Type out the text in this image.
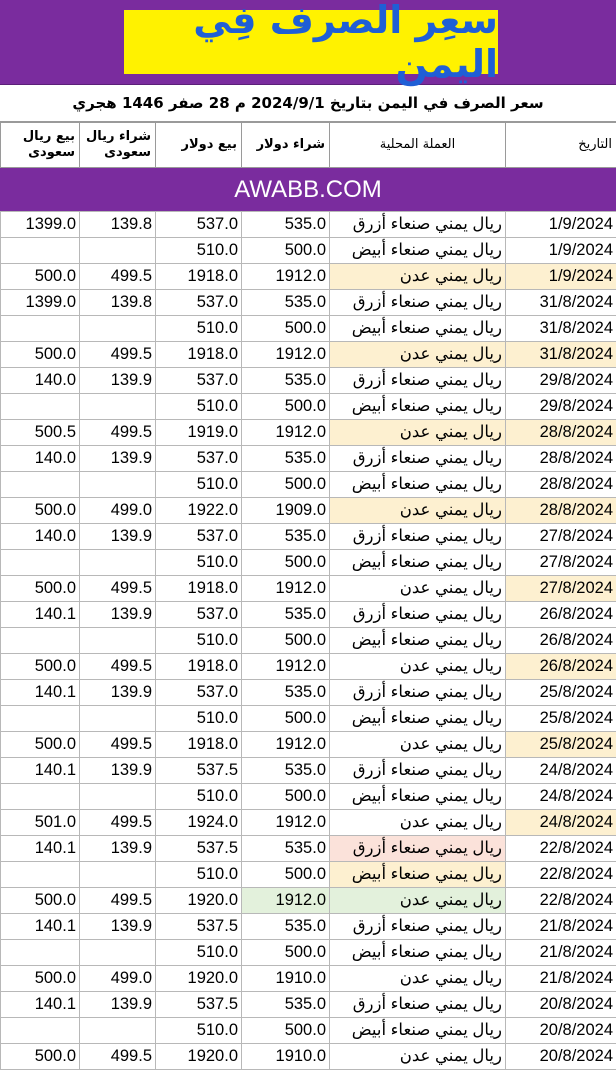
سعِر الصرف فِي اليمن
سعر الصرف في اليمن بتاريخ 2024/9/1 م 28 صفر 1446 هجري
التاريخ	العملة المحلية	شراء دولار	بيع دولار	شراء ريال سعودى	بيع ريال سعودى
AWABB.COM
1/9/2024	ريال يمني صنعاء أزرق	535.0	537.0	139.8	1399.0
1/9/2024	ريال يمني صنعاء أبيض	500.0	510.0		
1/9/2024	ريال يمني عدن	1912.0	1918.0	499.5	500.0
31/8/2024	ريال يمني صنعاء أزرق	535.0	537.0	139.8	1399.0
31/8/2024	ريال يمني صنعاء أبيض	500.0	510.0		
31/8/2024	ريال يمني عدن	1912.0	1918.0	499.5	500.0
29/8/2024	ريال يمني صنعاء أزرق	535.0	537.0	139.9	140.0
29/8/2024	ريال يمني صنعاء أبيض	500.0	510.0		
28/8/2024	ريال يمني عدن	1912.0	1919.0	499.5	500.5
28/8/2024	ريال يمني صنعاء أزرق	535.0	537.0	139.9	140.0
28/8/2024	ريال يمني صنعاء أبيض	500.0	510.0		
28/8/2024	ريال يمني عدن	1909.0	1922.0	499.0	500.0
27/8/2024	ريال يمني صنعاء أزرق	535.0	537.0	139.9	140.0
27/8/2024	ريال يمني صنعاء أبيض	500.0	510.0		
27/8/2024	ريال يمني عدن	1912.0	1918.0	499.5	500.0
26/8/2024	ريال يمني صنعاء أزرق	535.0	537.0	139.9	140.1
26/8/2024	ريال يمني صنعاء أبيض	500.0	510.0		
26/8/2024	ريال يمني عدن	1912.0	1918.0	499.5	500.0
25/8/2024	ريال يمني صنعاء أزرق	535.0	537.0	139.9	140.1
25/8/2024	ريال يمني صنعاء أبيض	500.0	510.0		
25/8/2024	ريال يمني عدن	1912.0	1918.0	499.5	500.0
24/8/2024	ريال يمني صنعاء أزرق	535.0	537.5	139.9	140.1
24/8/2024	ريال يمني صنعاء أبيض	500.0	510.0		
24/8/2024	ريال يمني عدن	1912.0	1924.0	499.5	501.0
22/8/2024	ريال يمني صنعاء أزرق	535.0	537.5	139.9	140.1
22/8/2024	ريال يمني صنعاء أبيض	500.0	510.0		
22/8/2024	ريال يمني عدن	1912.0	1920.0	499.5	500.0
21/8/2024	ريال يمني صنعاء أزرق	535.0	537.5	139.9	140.1
21/8/2024	ريال يمني صنعاء أبيض	500.0	510.0		
21/8/2024	ريال يمني عدن	1910.0	1920.0	499.0	500.0
20/8/2024	ريال يمني صنعاء أزرق	535.0	537.5	139.9	140.1
20/8/2024	ريال يمني صنعاء أبيض	500.0	510.0		
20/8/2024	ريال يمني عدن	1910.0	1920.0	499.5	500.0
